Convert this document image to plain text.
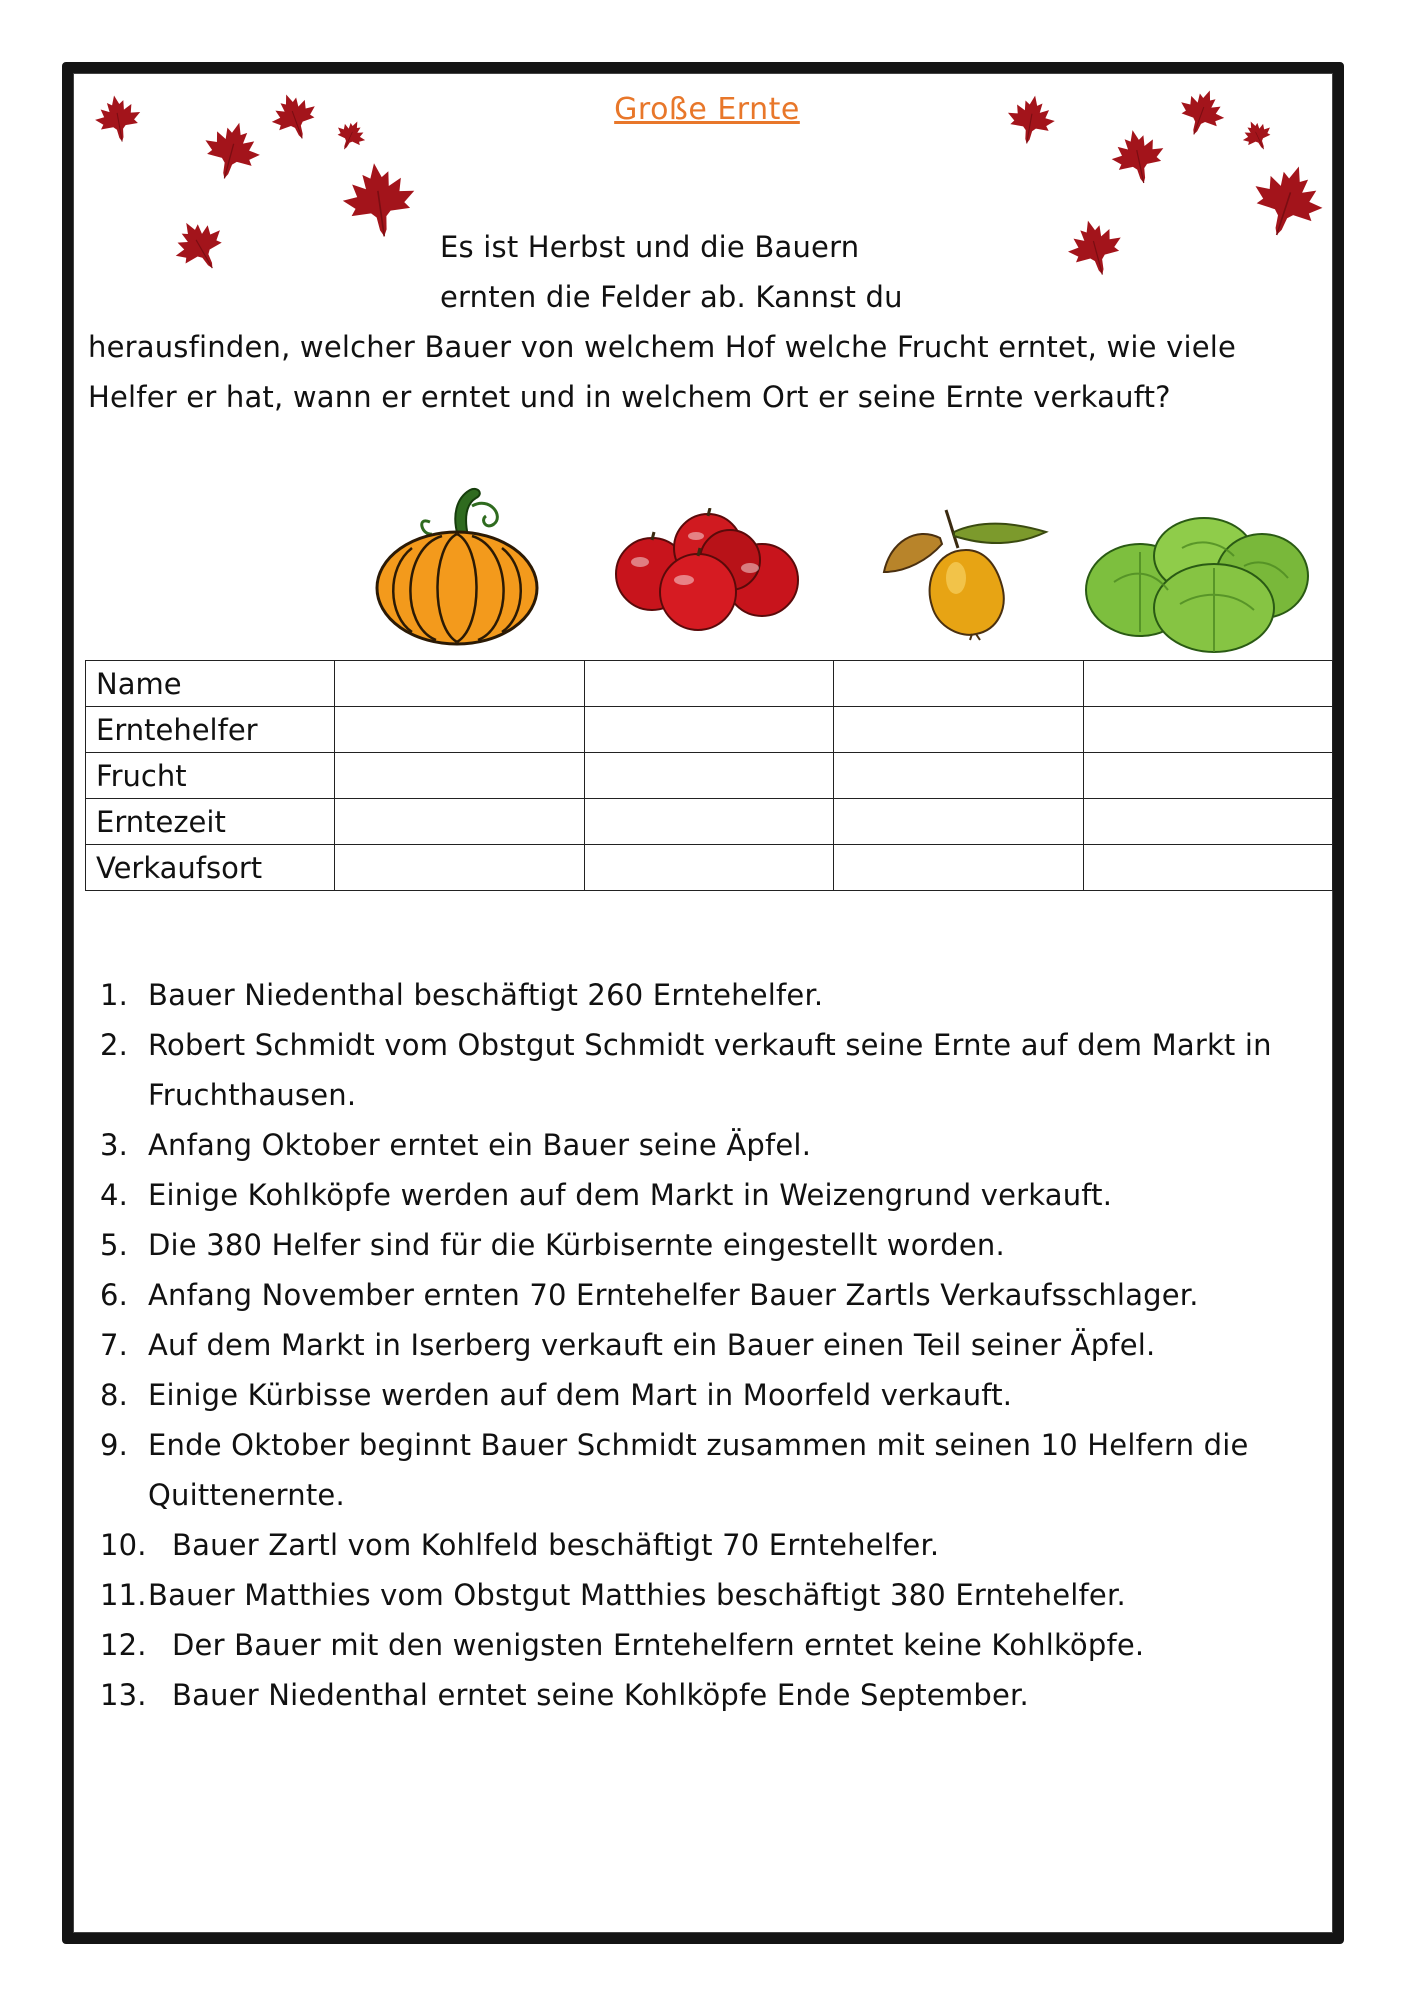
Große Ernte
Es ist Herbst und die Bauern
ernten die Felder ab. Kannst du
herausfinden, welcher Bauer von welchem Hof welche Frucht erntet, wie viele
Helfer er hat, wann er erntet und in welchem Ort er seine Ernte verkauft?
Name				
Erntehelfer				
Frucht				
Erntezeit				
Verkaufsort				
1. Bauer Niedenthal beschäftigt 260 Erntehelfer.
2. Robert Schmidt vom Obstgut Schmidt verkauft seine Ernte auf dem Markt in Fruchthausen.
3. Anfang Oktober erntet ein Bauer seine Äpfel.
4. Einige Kohlköpfe werden auf dem Markt in Weizengrund verkauft.
5. Die 380 Helfer sind für die Kürbisernte eingestellt worden.
6. Anfang November ernten 70 Erntehelfer Bauer Zartls Verkaufsschlager.
7. Auf dem Markt in Iserberg verkauft ein Bauer einen Teil seiner Äpfel.
8. Einige Kürbisse werden auf dem Mart in Moorfeld verkauft.
9. Ende Oktober beginnt Bauer Schmidt zusammen mit seinen 10 Helfern die Quittenernte.
10. Bauer Zartl vom Kohlfeld beschäftigt 70 Erntehelfer.
11. Bauer Matthies vom Obstgut Matthies beschäftigt 380 Erntehelfer.
12. Der Bauer mit den wenigsten Erntehelfern erntet keine Kohlköpfe.
13. Bauer Niedenthal erntet seine Kohlköpfe Ende September.
